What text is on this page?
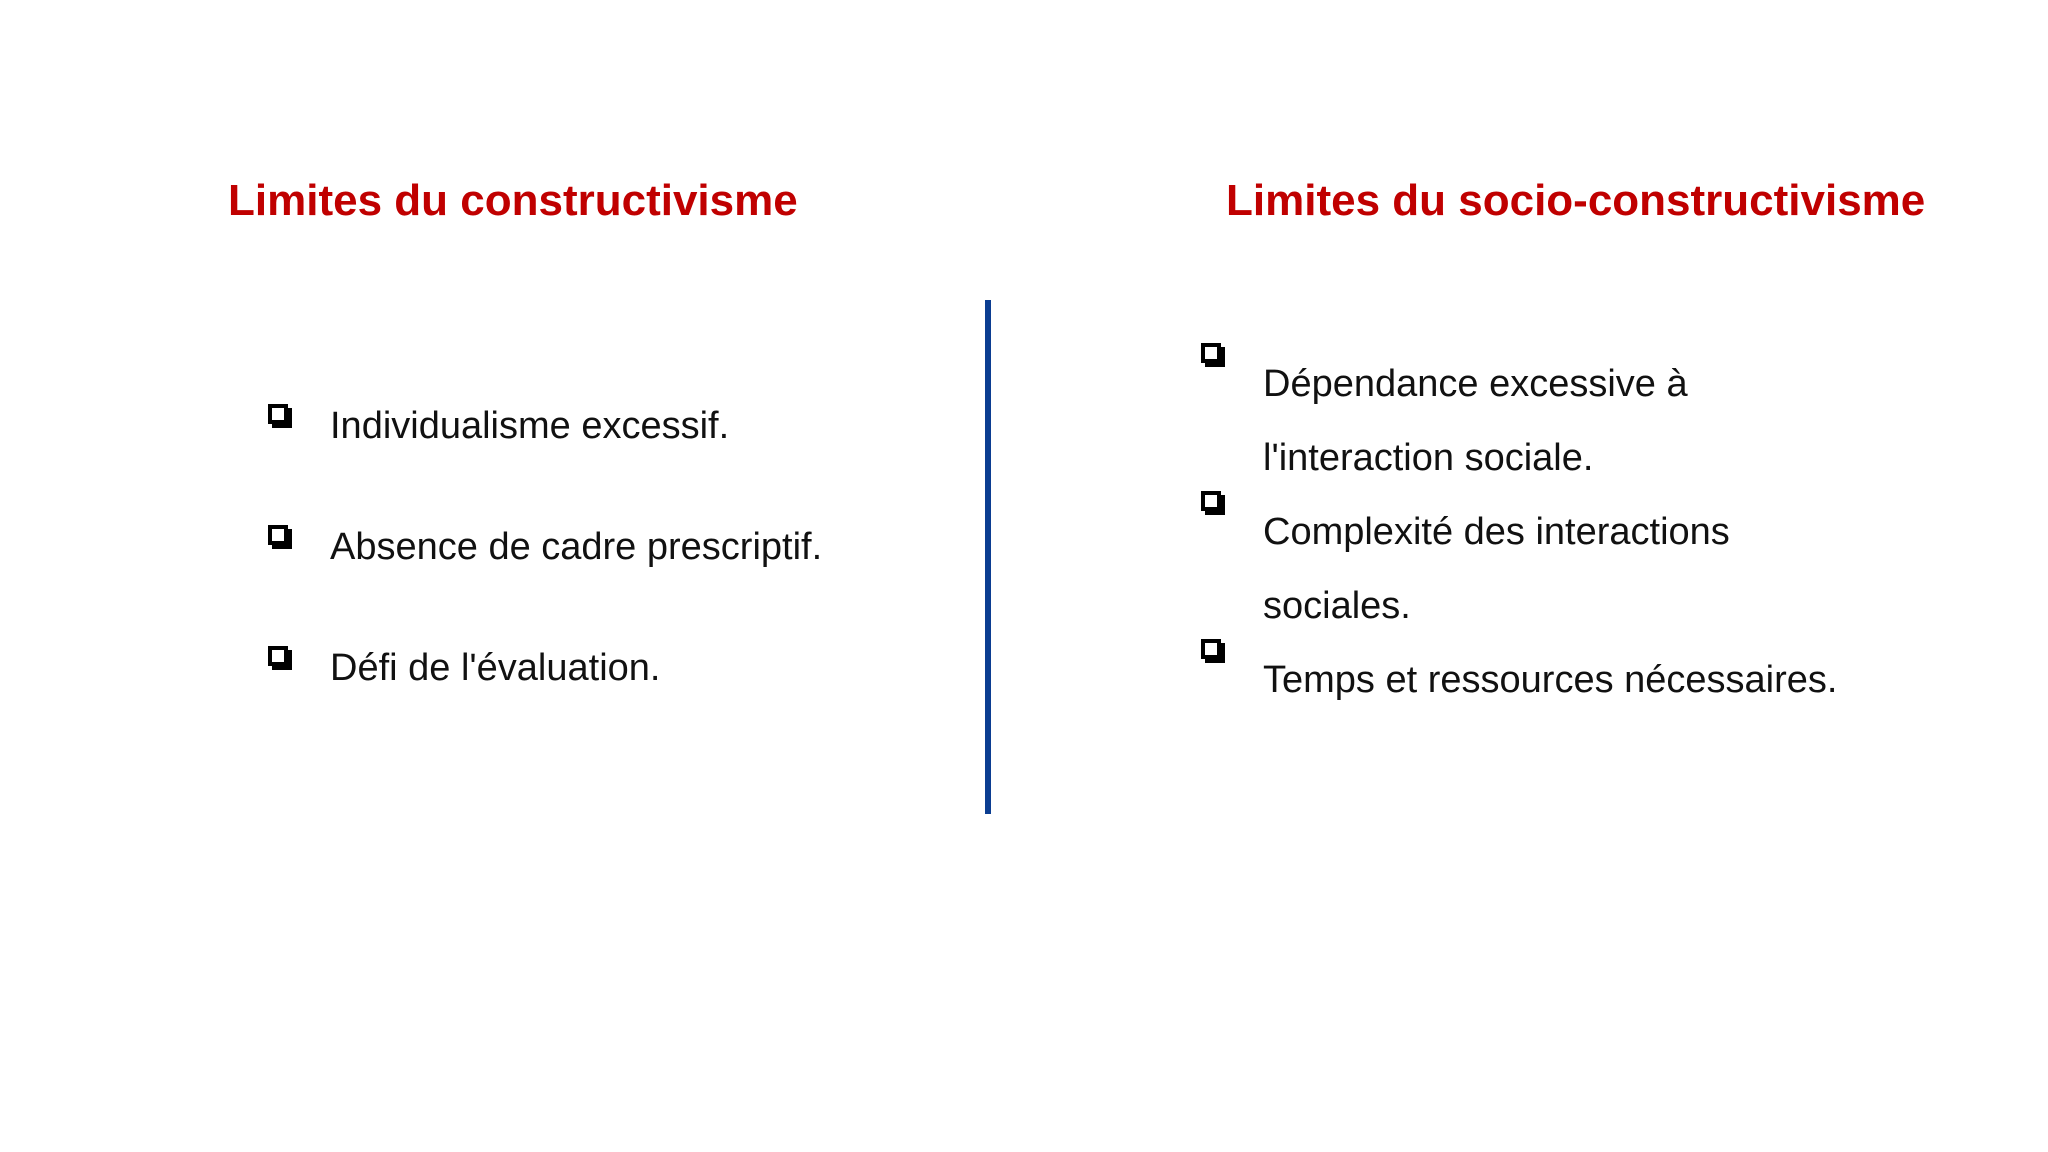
Limites du constructivisme	Limites du socio-constructivisme
Individualisme excessif.
Absence de cadre prescriptif.
Défi de l'évaluation.
Dépendance excessive à
l'interaction sociale.
Complexité des interactions
sociales.
Temps et ressources nécessaires.
